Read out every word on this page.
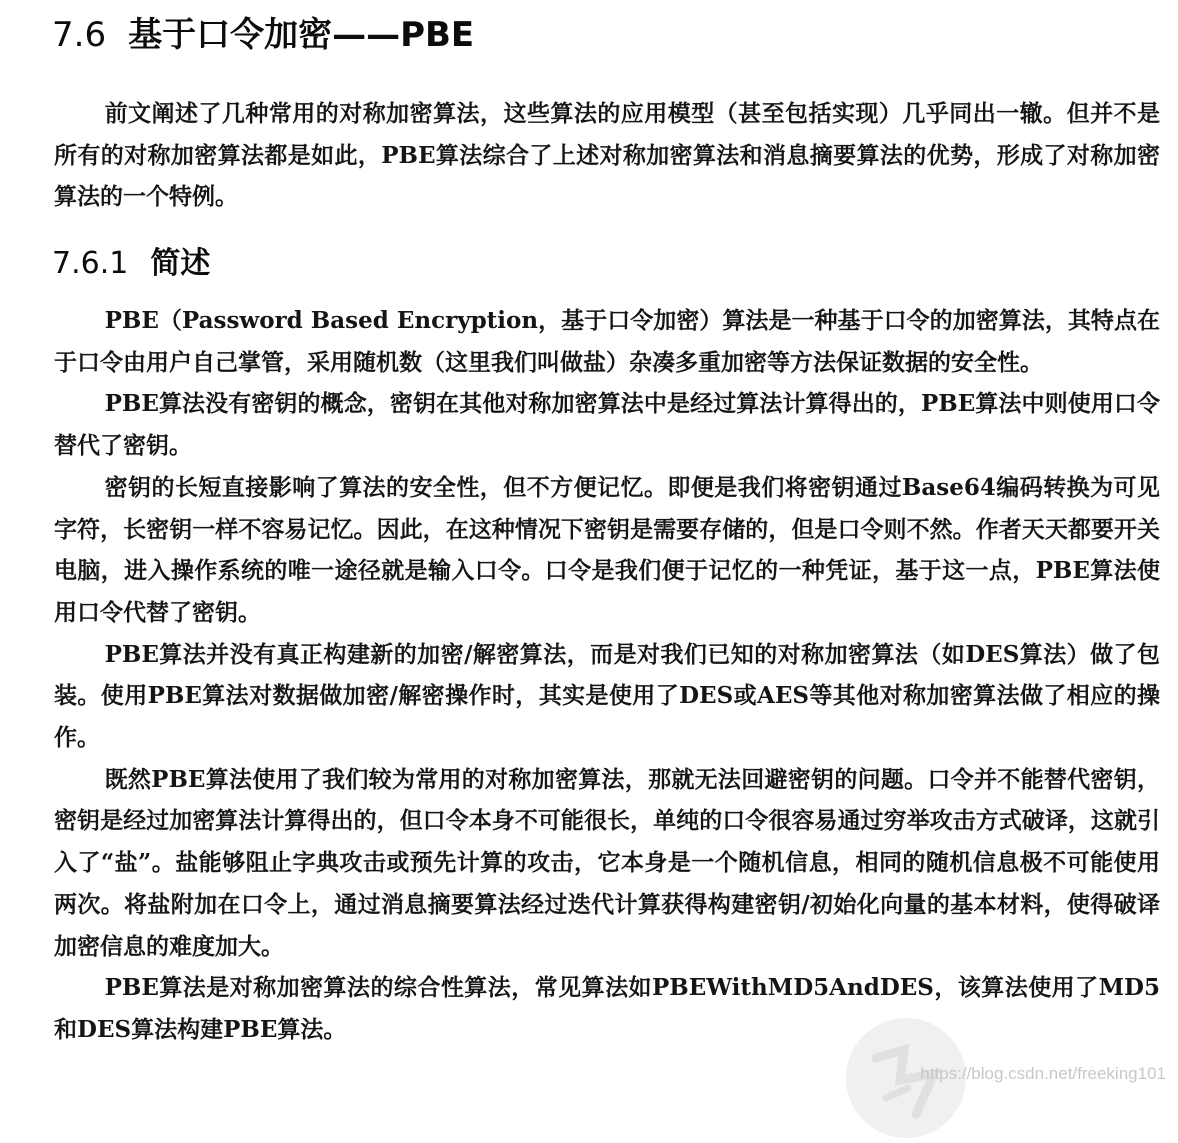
7.6 基于口令加密——PBE

前文阐述了几种常用的对称加密算法，这些算法的应用模型（甚至包括实现）几乎同出一辙。但并不是所有的对称加密算法都是如此，PBE算法综合了上述对称加密算法和消息摘要算法的优势，形成了对称加密算法的一个特例。

7.6.1 简述

PBE（Password Based Encryption，基于口令加密）算法是一种基于口令的加密算法，其特点在于口令由用户自己掌管，采用随机数（这里我们叫做盐）杂凑多重加密等方法保证数据的安全性。

PBE算法没有密钥的概念，密钥在其他对称加密算法中是经过算法计算得出的，PBE算法中则使用口令替代了密钥。

密钥的长短直接影响了算法的安全性，但不方便记忆。即便是我们将密钥通过Base64编码转换为可见字符，长密钥一样不容易记忆。因此，在这种情况下密钥是需要存储的，但是口令则不然。作者天天都要开关电脑，进入操作系统的唯一途径就是输入口令。口令是我们便于记忆的一种凭证，基于这一点，PBE算法使用口令代替了密钥。

PBE算法并没有真正构建新的加密/解密算法，而是对我们已知的对称加密算法（如DES算法）做了包装。使用PBE算法对数据做加密/解密操作时，其实是使用了DES或AES等其他对称加密算法做了相应的操作。

既然PBE算法使用了我们较为常用的对称加密算法，那就无法回避密钥的问题。口令并不能替代密钥，密钥是经过加密算法计算得出的，但口令本身不可能很长，单纯的口令很容易通过穷举攻击方式破译，这就引入了“盐”。盐能够阻止字典攻击或预先计算的攻击，它本身是一个随机信息，相同的随机信息极不可能使用两次。将盐附加在口令上，通过消息摘要算法经过迭代计算获得构建密钥/初始化向量的基本材料，使得破译加密信息的难度加大。

PBE算法是对称加密算法的综合性算法，常见算法如PBEWithMD5AndDES，该算法使用了MD5和DES算法构建PBE算法。

https://blog.csdn.net/freeking101
